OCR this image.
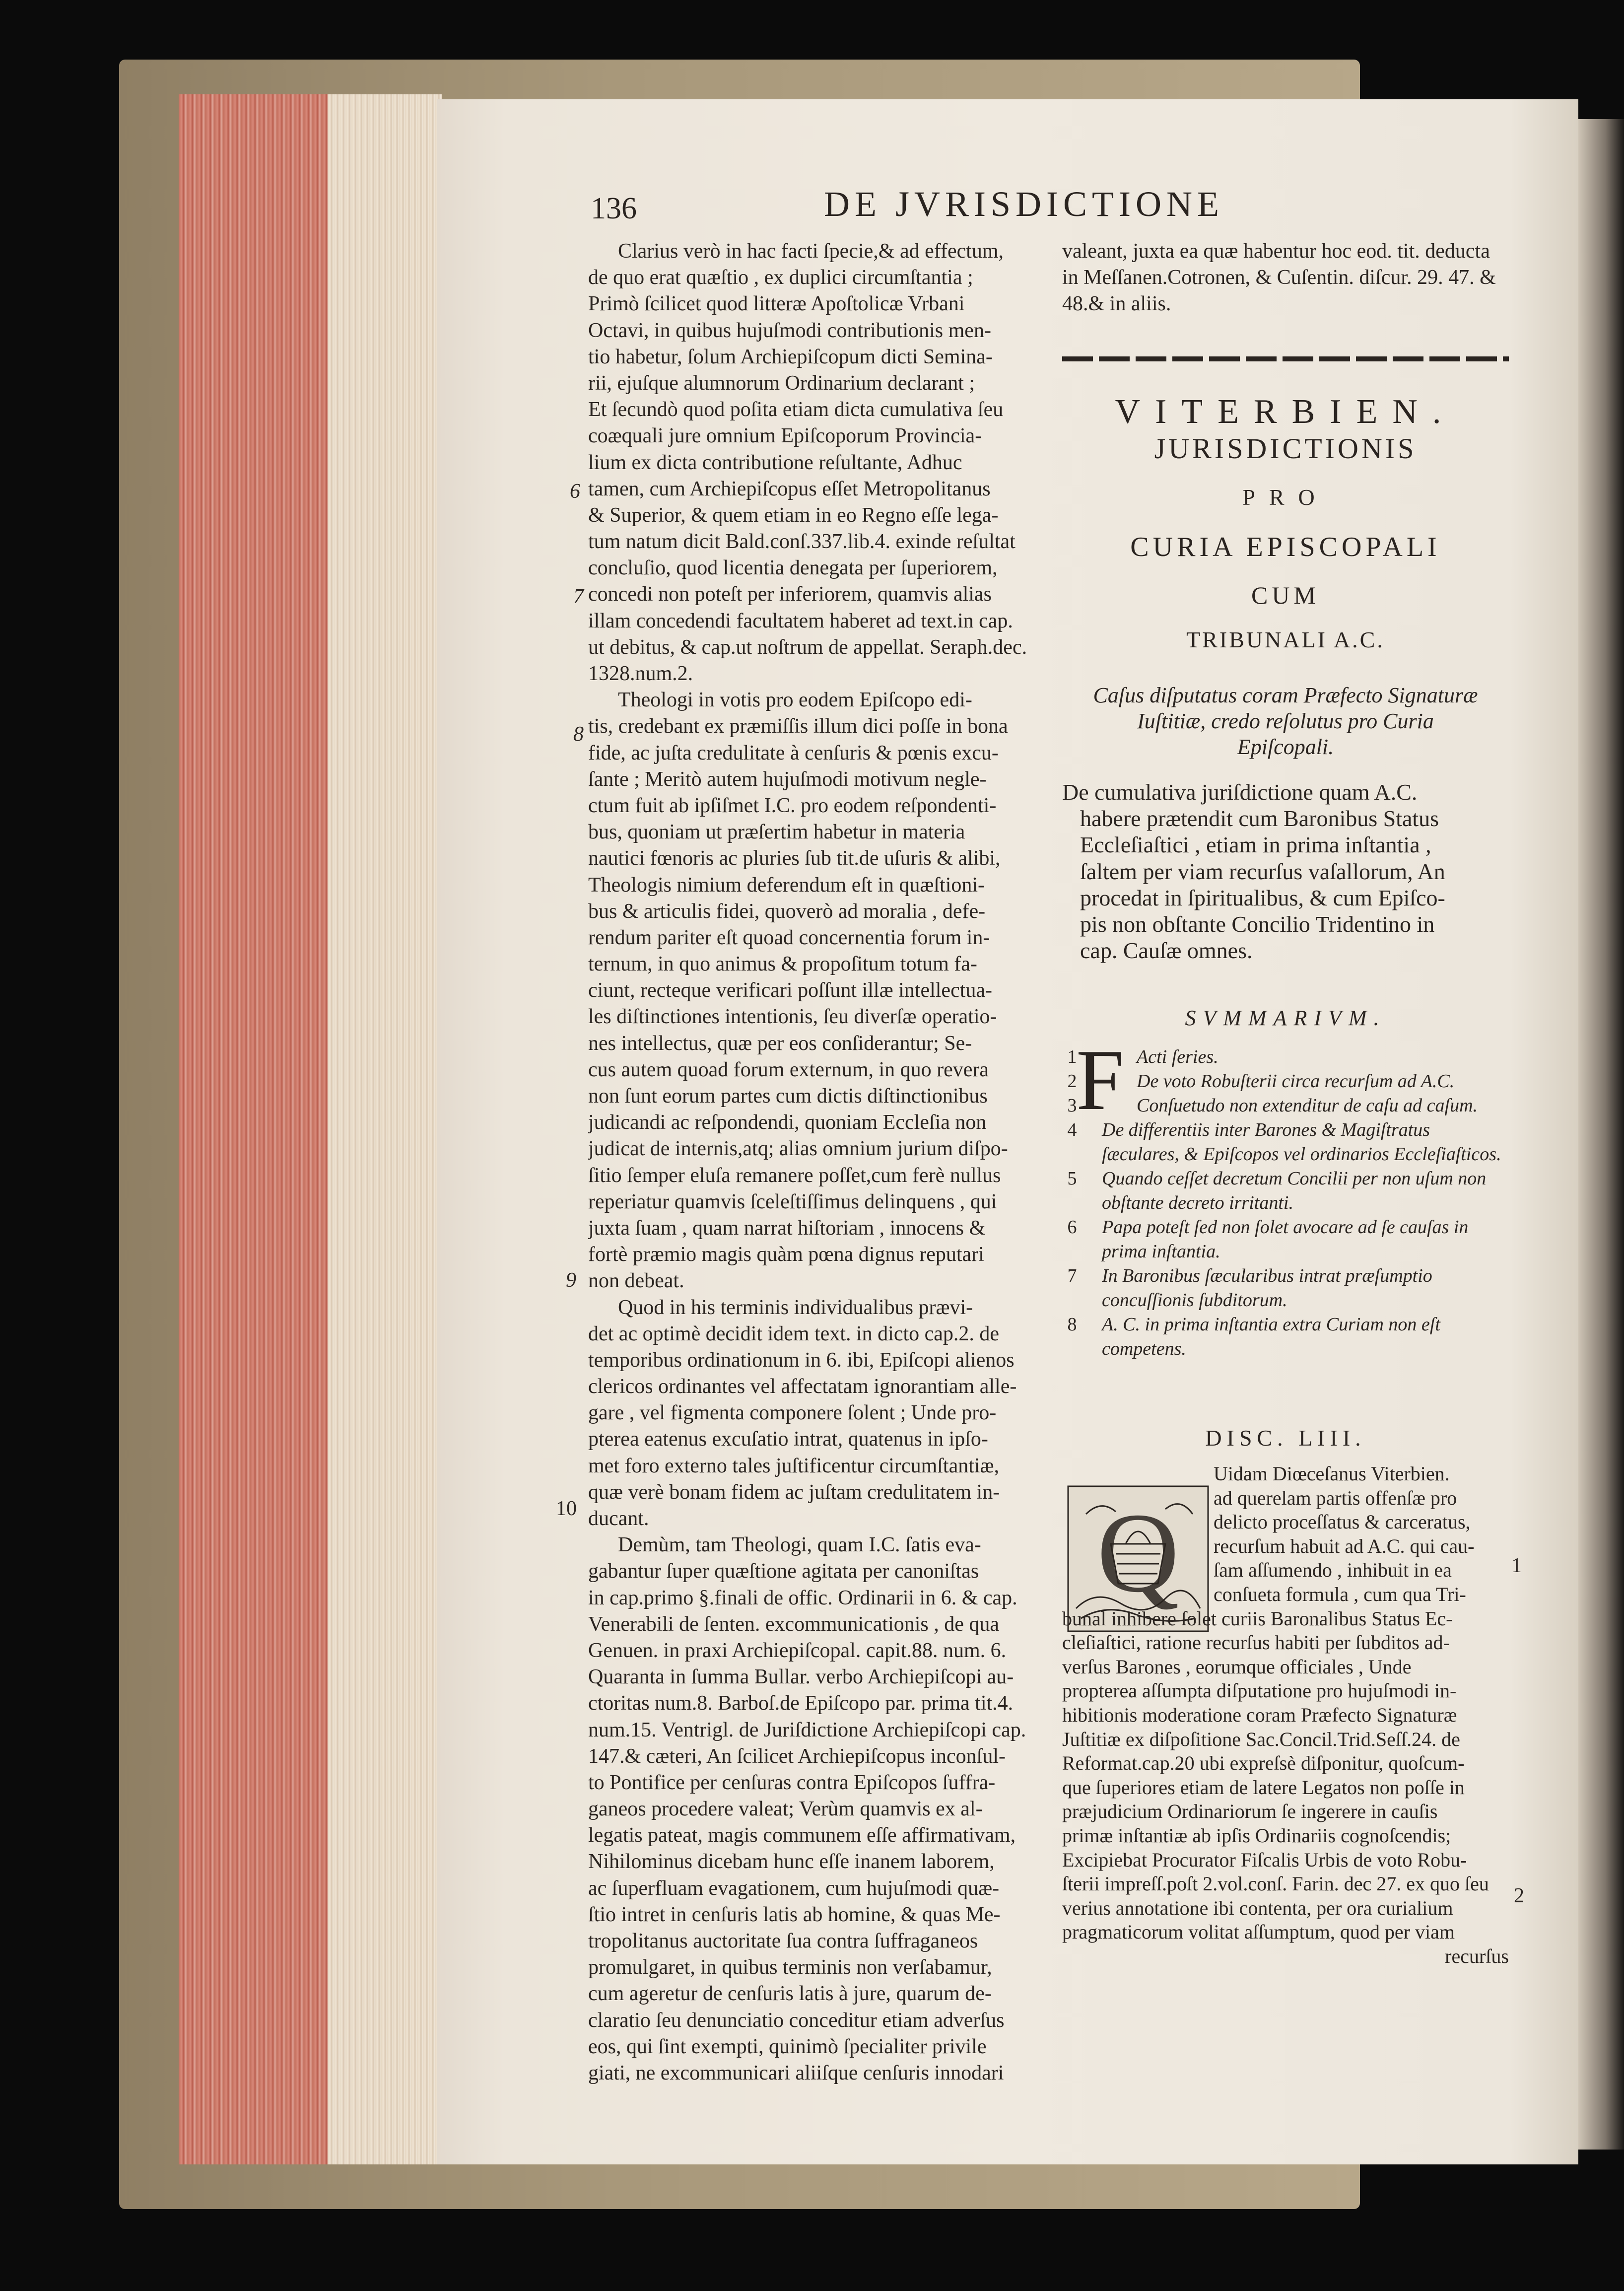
136	DE JVRISDICTIONE
Clarius verò in hac facti ſpecie,& ad effectum,
de quo erat quæſtio , ex duplici circumſtantia ;
Primò ſcilicet quod litteræ Apoſtolicæ Vrbani
Octavi, in quibus hujuſmodi contributionis men-
tio habetur, ſolum Archiepiſcopum dicti Semina-
rii, ejuſque alumnorum Ordinarium declarant ;
Et ſecundò quod poſita etiam dicta cumulativa ſeu
coæquali jure omnium Epiſcoporum Provincia-
lium ex dicta contributione reſultante, Adhuc
tamen, cum Archiepiſcopus eſſet Metropolitanus
& Superior, & quem etiam in eo Regno eſſe lega-
tum natum dicit Bald.conſ.337.lib.4. exinde reſultat
concluſio, quod licentia denegata per ſuperiorem,
concedi non poteſt per inferiorem, quamvis alias
illam concedendi facultatem haberet ad text.in cap.
ut debitus, & cap.ut noſtrum de appellat. Seraph.dec.
1328.num.2.
Theologi in votis pro eodem Epiſcopo edi-
tis, credebant ex præmiſſis illum dici poſſe in bona
fide, ac juſta credulitate à cenſuris & pœnis excu-
ſante ; Meritò autem hujuſmodi motivum negle-
ctum fuit ab ipſiſmet I.C. pro eodem reſpondenti-
bus, quoniam ut præſertim habetur in materia
nautici fœnoris ac pluries ſub tit.de uſuris & alibi,
Theologis nimium deferendum eſt in quæſtioni-
bus & articulis fidei, quoverò ad moralia , defe-
rendum pariter eſt quoad concernentia forum in-
ternum, in quo animus & propoſitum totum fa-
ciunt, recteque verificari poſſunt illæ intellectua-
les diſtinctiones intentionis, ſeu diverſæ operatio-
nes intellectus, quæ per eos conſiderantur; Se-
cus autem quoad forum externum, in quo revera
non ſunt eorum partes cum dictis diſtinctionibus
judicandi ac reſpondendi, quoniam Eccleſia non
judicat de internis,atq; alias omnium jurium diſpo-
ſitio ſemper eluſa remanere poſſet,cum ferè nullus
reperiatur quamvis ſceleſtiſſimus delinquens , qui
juxta ſuam , quam narrat hiſtoriam , innocens &
fortè præmio magis quàm pœna dignus reputari
non debeat.
Quod in his terminis individualibus prævi-
det ac optimè decidit idem text. in dicto cap.2. de
temporibus ordinationum in 6. ibi, Epiſcopi alienos
clericos ordinantes vel affectatam ignorantiam alle-
gare , vel figmenta componere ſolent ; Unde pro-
pterea eatenus excuſatio intrat, quatenus in ipſo-
met foro externo tales juſtificentur circumſtantiæ,
quæ verè bonam fidem ac juſtam credulitatem in-
ducant.
Demùm, tam Theologi, quam I.C. ſatis eva-
gabantur ſuper quæſtione agitata per canoniſtas
in cap.primo §.finali de offic. Ordinarii in 6. & cap.
Venerabili de ſenten. excommunicationis , de qua
Genuen. in praxi Archiepiſcopal. capit.88. num. 6.
Quaranta in ſumma Bullar. verbo Archiepiſcopi au-
ctoritas num.8. Barboſ.de Epiſcopo par. prima tit.4.
num.15. Ventrigl. de Juriſdictione Archiepiſcopi cap.
147.& cæteri, An ſcilicet Archiepiſcopus inconſul-
to Pontifice per cenſuras contra Epiſcopos ſuffra-
ganeos procedere valeat; Verùm quamvis ex al-
legatis pateat, magis communem eſſe affirmativam,
Nihilominus dicebam hunc eſſe inanem laborem,
ac ſuperfluam evagationem, cum hujuſmodi quæ-
ſtio intret in cenſuris latis ab homine, & quas Me-
tropolitanus auctoritate ſua contra ſuffraganeos
promulgaret, in quibus terminis non verſabamur,
cum ageretur de cenſuris latis à jure, quarum de-
claratio ſeu denunciatio conceditur etiam adverſus
eos, qui ſint exempti, quinimò ſpecialiter privile
giati, ne excommunicari aliiſque cenſuris innodari
6
7
8
9
10
valeant, juxta ea quæ habentur hoc eod. tit. deducta
in Meſſanen.Cotronen, & Cuſentin. diſcur. 29. 47. &
48.& in aliis.
VITERBIEN.
JURISDICTIONIS
PRO
CURIA EPISCOPALI
CUM
TRIBUNALI A.C.
Caſus diſputatus coram Præfecto Signaturæ
Iuſtitiæ, credo reſolutus pro Curia
Epiſcopali.
De cumulativa juriſdictione quam A.C.
habere prætendit cum Baronibus Status
Eccleſiaſtici , etiam in prima inſtantia ,
ſaltem per viam recurſus vaſallorum, An
procedat in ſpiritualibus, & cum Epiſco-
pis non obſtante Concilio Tridentino in
cap. Cauſæ omnes.
SVMMARIVM.
1	Acti ſeries.
2	De voto Robuſterii circa recurſum ad A.C.
3	Conſuetudo non extenditur de caſu ad caſum.
4 De differentiis inter Barones & Magiſtratus ſæculares, & Epiſcopos vel ordinarios Eccleſiaſticos.
5 Quando ceſſet decretum Concilii per non uſum non obſtante decreto irritanti.
6 Papa poteſt ſed non ſolet avocare ad ſe cauſas in prima inſtantia.
7 In Baronibus ſæcularibus intrat præſumptio concuſſionis ſubditorum.
8 A. C. in prima inſtantia extra Curiam non eſt competens.
F
DISC. LIII.
Q
Uidam Diœceſanus Viterbien.
ad querelam partis offenſæ pro
delicto proceſſatus & carceratus,
recurſum habuit ad A.C. qui cau-
ſam aſſumendo , inhibuit in ea
conſueta formula , cum qua Tri-
bunal inhibere ſolet curiis Baronalibus Status Ec-
cleſiaſtici, ratione recurſus habiti per ſubditos ad-
verſus Barones , eorumque officiales , Unde
propterea aſſumpta diſputatione pro hujuſmodi in-
hibitionis moderatione coram Præfecto Signaturæ
Juſtitiæ ex diſpoſitione Sac.Concil.Trid.Seſſ.24. de
Reformat.cap.20 ubi expreſsè diſponitur, quoſcum-
que ſuperiores etiam de latere Legatos non poſſe in
præjudicium Ordinariorum ſe ingerere in cauſis
primæ inſtantiæ ab ipſis Ordinariis cognoſcendis;
Excipiebat Procurator Fiſcalis Urbis de voto Robu-
ſterii impreſſ.poſt 2.vol.conſ. Farin. dec 27. ex quo ſeu
verius annotatione ibi contenta, per ora curialium
pragmaticorum volitat aſſumptum, quod per viam
recurſus
1
2
